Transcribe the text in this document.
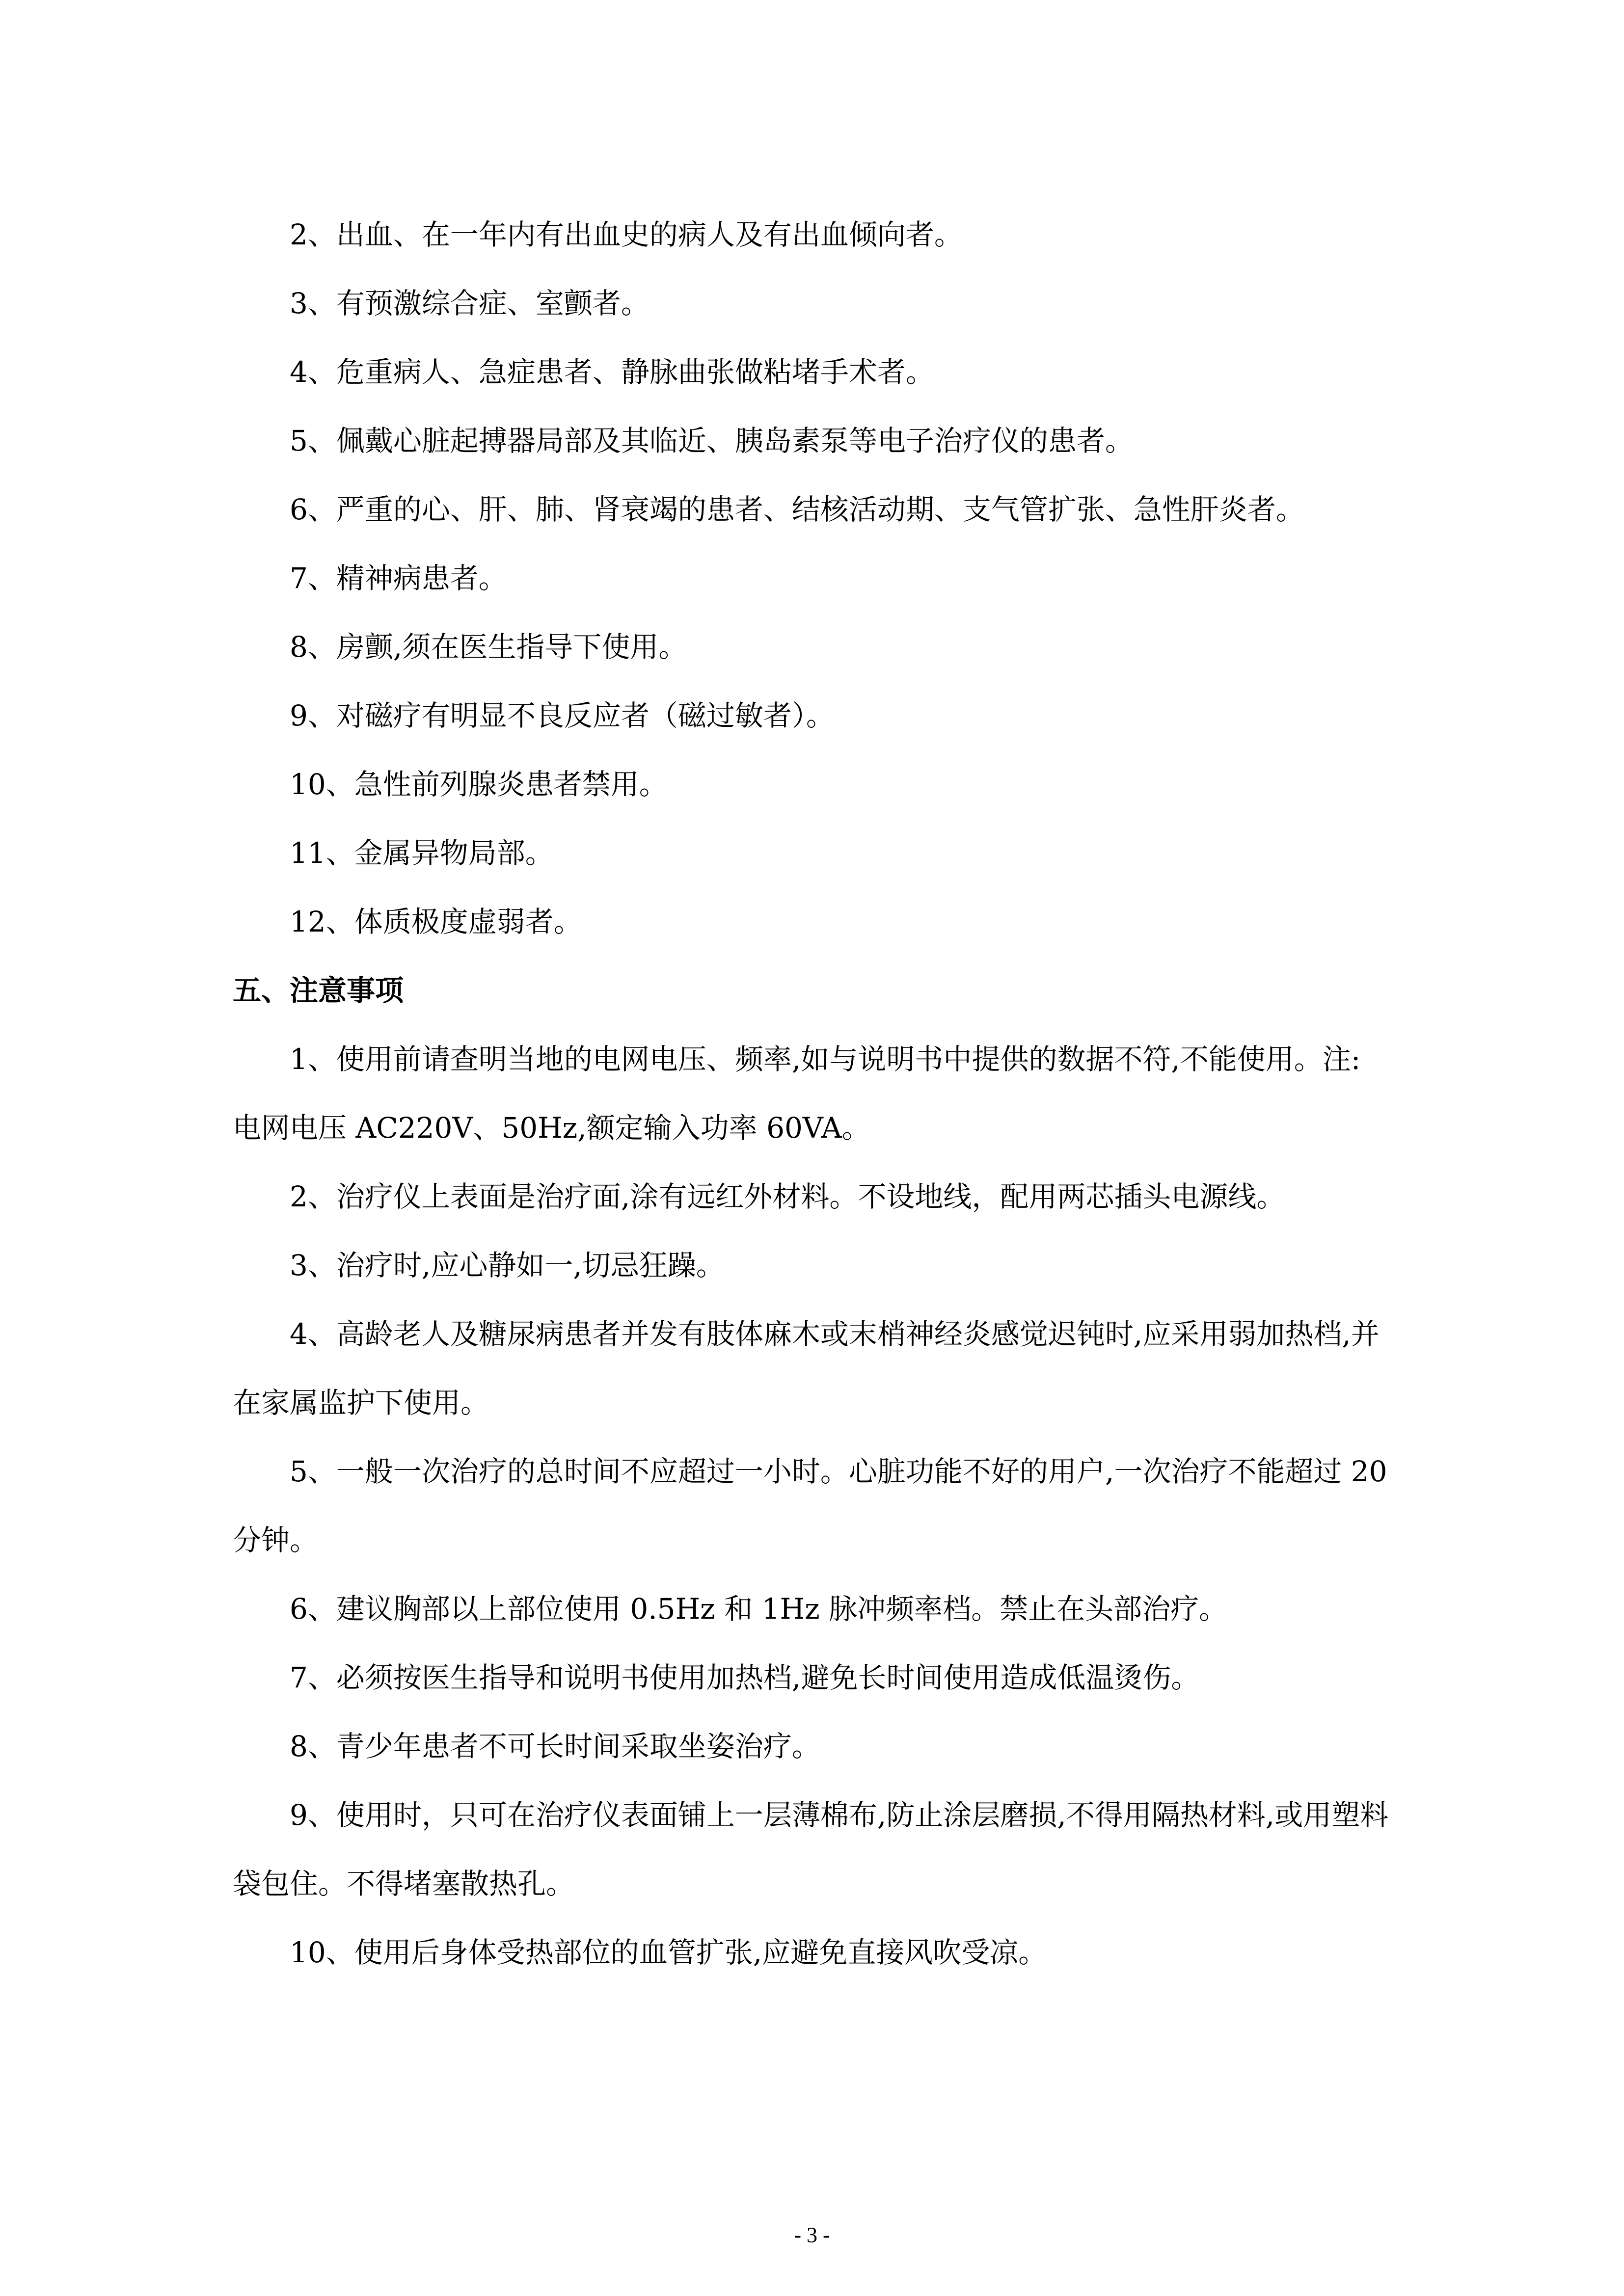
2、出血、在一年内有出血史的病人及有出血倾向者。

3、有预激综合症、室颤者。

4、危重病人、急症患者、静脉曲张做粘堵手术者。

5、佩戴心脏起搏器局部及其临近、胰岛素泵等电子治疗仪的患者。

6、严重的心、肝、肺、肾衰竭的患者、结核活动期、支气管扩张、急性肝炎者。

7、精神病患者。

8、房颤,须在医生指导下使用。

9、对磁疗有明显不良反应者（磁过敏者）。

10、急性前列腺炎患者禁用。

11、金属异物局部。

12、体质极度虚弱者。

五、注意事项

1、使用前请查明当地的电网电压、频率,如与说明书中提供的数据不符,不能使用。注: 电网电压 AC220V、50Hz,额定输入功率 60VA。

2、治疗仪上表面是治疗面,涂有远红外材料。不设地线，配用两芯插头电源线。

3、治疗时,应心静如一,切忌狂躁。

4、高龄老人及糖尿病患者并发有肢体麻木或末梢神经炎感觉迟钝时,应采用弱加热档,并在家属监护下使用。

5、一般一次治疗的总时间不应超过一小时。心脏功能不好的用户,一次治疗不能超过 20 分钟。

6、建议胸部以上部位使用 0.5Hz 和 1Hz 脉冲频率档。禁止在头部治疗。

7、必须按医生指导和说明书使用加热档,避免长时间使用造成低温烫伤。

8、青少年患者不可长时间采取坐姿治疗。

9、使用时，只可在治疗仪表面铺上一层薄棉布,防止涂层磨损,不得用隔热材料,或用塑料袋包住。不得堵塞散热孔。

10、使用后身体受热部位的血管扩张,应避免直接风吹受凉。

- 3 -
